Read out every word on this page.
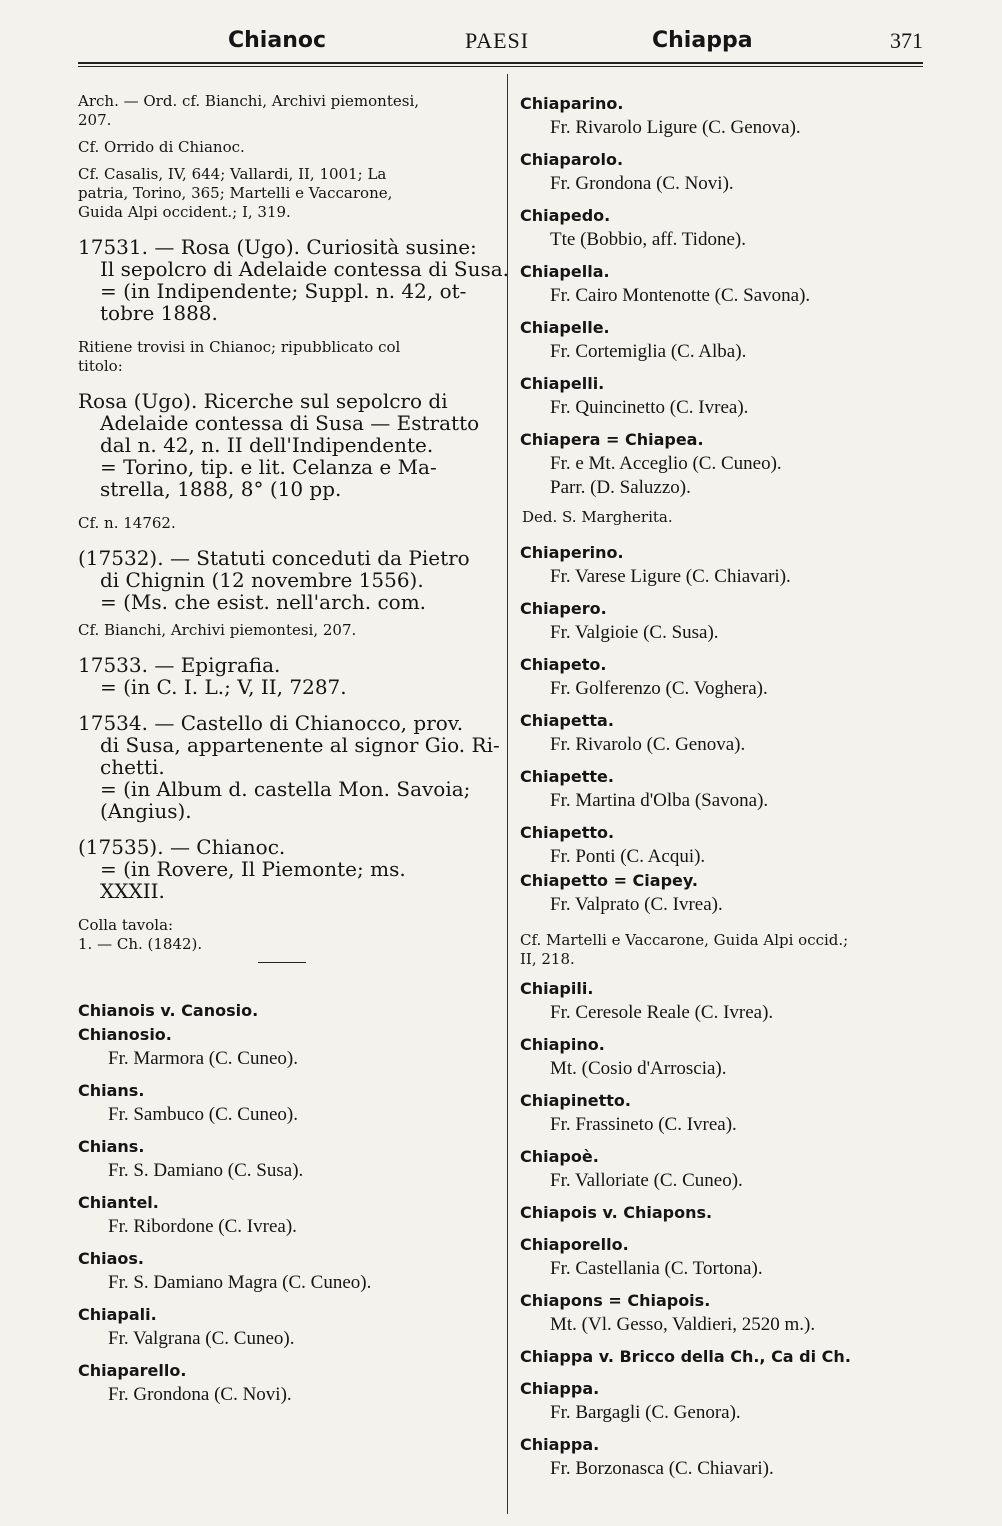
Chianoc	PAESI	Chiappa	371
Arch. — Ord. cf. Bianchi, Archivi piemontesi,
207.
Cf. Orrido di Chianoc.
Cf. Casalis, IV, 644; Vallardi, II, 1001; La
patria, Torino, 365; Martelli e Vaccarone,
Guida Alpi occident.; I, 319.
17531. — Rosa (Ugo). Curiosità susine:
Il sepolcro di Adelaide contessa di Susa.
= (in Indipendente; Suppl. n. 42, ot-
tobre 1888.
Ritiene trovisi in Chianoc; ripubblicato col
titolo:
Rosa (Ugo). Ricerche sul sepolcro di
Adelaide contessa di Susa — Estratto
dal n. 42, n. II dell'Indipendente.
= Torino, tip. e lit. Celanza e Ma-
strella, 1888, 8° (10 pp.
Cf. n. 14762.
(17532). — Statuti conceduti da Pietro
di Chignin (12 novembre 1556).
= (Ms. che esist. nell'arch. com.
Cf. Bianchi, Archivi piemontesi, 207.
17533. — Epigrafia.
= (in C. I. L.; V, II, 7287.
17534. — Castello di Chianocco, prov.
di Susa, appartenente al signor Gio. Ri-
chetti.
= (in Album d. castella Mon. Savoia;
(Angius).
(17535). — Chianoc.
= (in Rovere, Il Piemonte; ms.
XXXII.
Colla tavola:
1. — Ch. (1842).
Chianois v. Canosio.
Chianosio.
Fr. Marmora (C. Cuneo).
Chians.
Fr. Sambuco (C. Cuneo).
Chians.
Fr. S. Damiano (C. Susa).
Chiantel.
Fr. Ribordone (C. Ivrea).
Chiaos.
Fr. S. Damiano Magra (C. Cuneo).
Chiapali.
Fr. Valgrana (C. Cuneo).
Chiaparello.
Fr. Grondona (C. Novi).
Chiaparino.
Fr. Rivarolo Ligure (C. Genova).
Chiaparolo.
Fr. Grondona (C. Novi).
Chiapedo.
Tte (Bobbio, aff. Tidone).
Chiapella.
Fr. Cairo Montenotte (C. Savona).
Chiapelle.
Fr. Cortemiglia (C. Alba).
Chiapelli.
Fr. Quincinetto (C. Ivrea).
Chiapera = Chiapea.
Fr. e Mt. Acceglio (C. Cuneo).
Parr. (D. Saluzzo).
Ded. S. Margherita.
Chiaperino.
Fr. Varese Ligure (C. Chiavari).
Chiapero.
Fr. Valgioie (C. Susa).
Chiapeto.
Fr. Golferenzo (C. Voghera).
Chiapetta.
Fr. Rivarolo (C. Genova).
Chiapette.
Fr. Martina d'Olba (Savona).
Chiapetto.
Fr. Ponti (C. Acqui).
Chiapetto = Ciapey.
Fr. Valprato (C. Ivrea).
Cf. Martelli e Vaccarone, Guida Alpi occid.;
II, 218.
Chiapili.
Fr. Ceresole Reale (C. Ivrea).
Chiapino.
Mt. (Cosio d'Arroscia).
Chiapinetto.
Fr. Frassineto (C. Ivrea).
Chiapoè.
Fr. Valloriate (C. Cuneo).
Chiapois v. Chiapons.
Chiaporello.
Fr. Castellania (C. Tortona).
Chiapons = Chiapois.
Mt. (Vl. Gesso, Valdieri, 2520 m.).
Chiappa v. Bricco della Ch., Ca di Ch.
Chiappa.
Fr. Bargagli (C. Genora).
Chiappa.
Fr. Borzonasca (C. Chiavari).
